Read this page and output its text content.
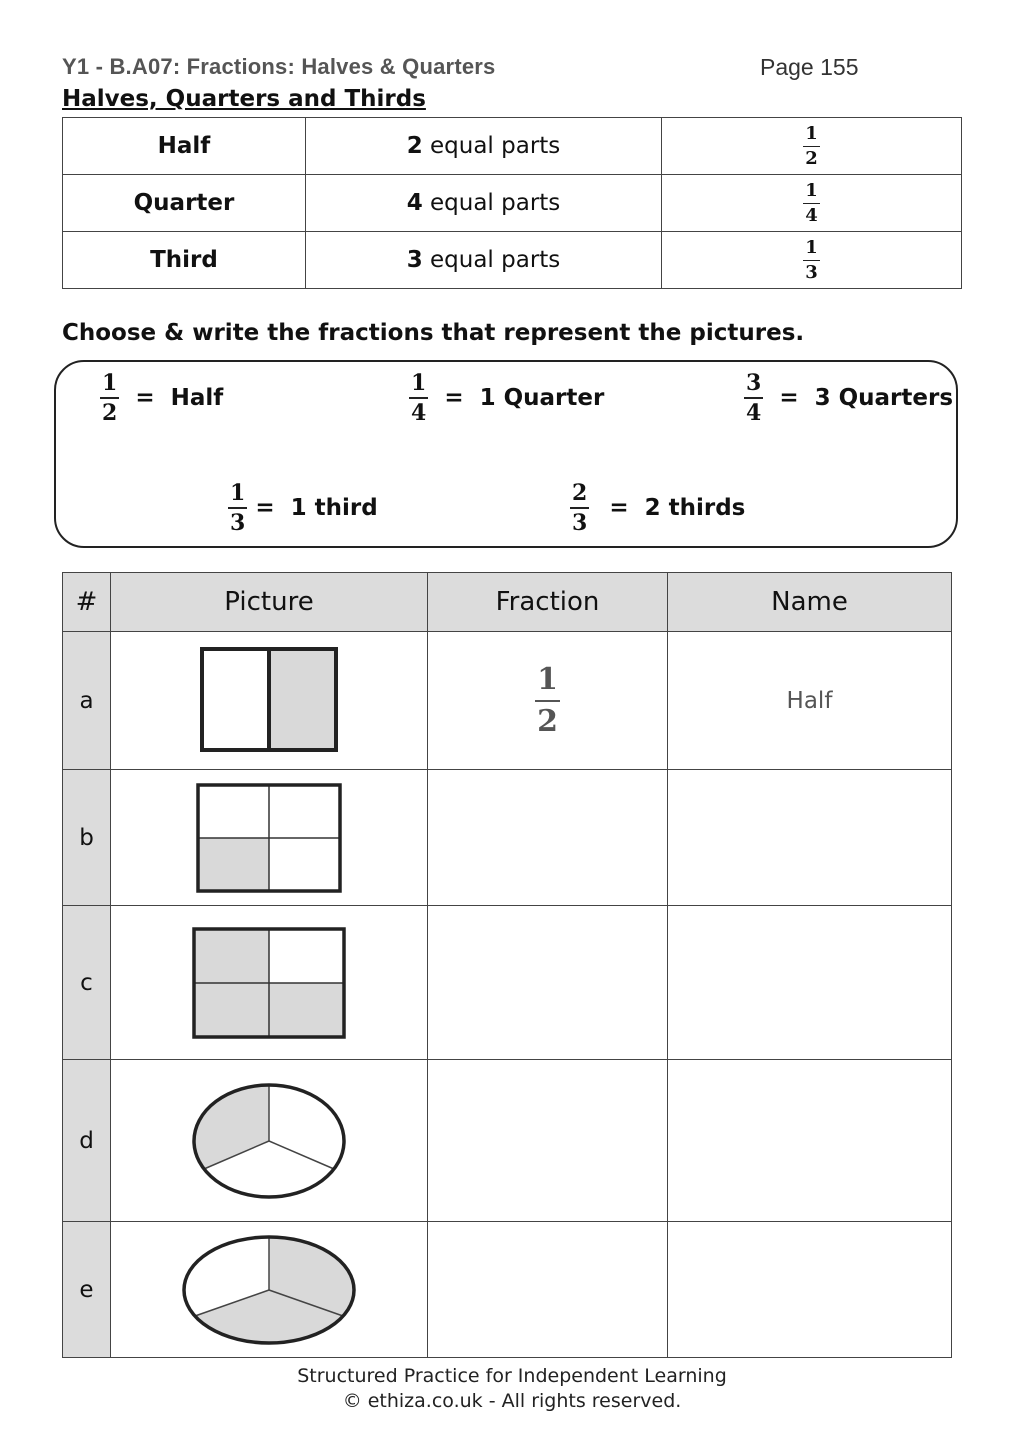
Y1 - B.A07: Fractions: Halves & Quarters	Page 155
Halves, Quarters and Thirds
Half	2 equal parts	$\frac{1}{2}$

Quarter	4 equal parts	$\frac{1}{4}$

Third	3 equal parts	$\frac{1}{3}$
Choose & write the fractions that represent the pictures.
$\frac{1}{2}$ =  Half	$\frac{1}{4} = 1$ Quarter	$\frac{3}{4} = 3$ Quarters
$\frac{1}{3} = 1$ third	$\frac{2}{3} = 2$ thirds
#	Picture	Fraction	Name
a		$\frac{1}{2}$	Half
b	

c	

d	

e	

Structured Practice for Independent Learning
© ethiza.co.uk - All rights reserved.
